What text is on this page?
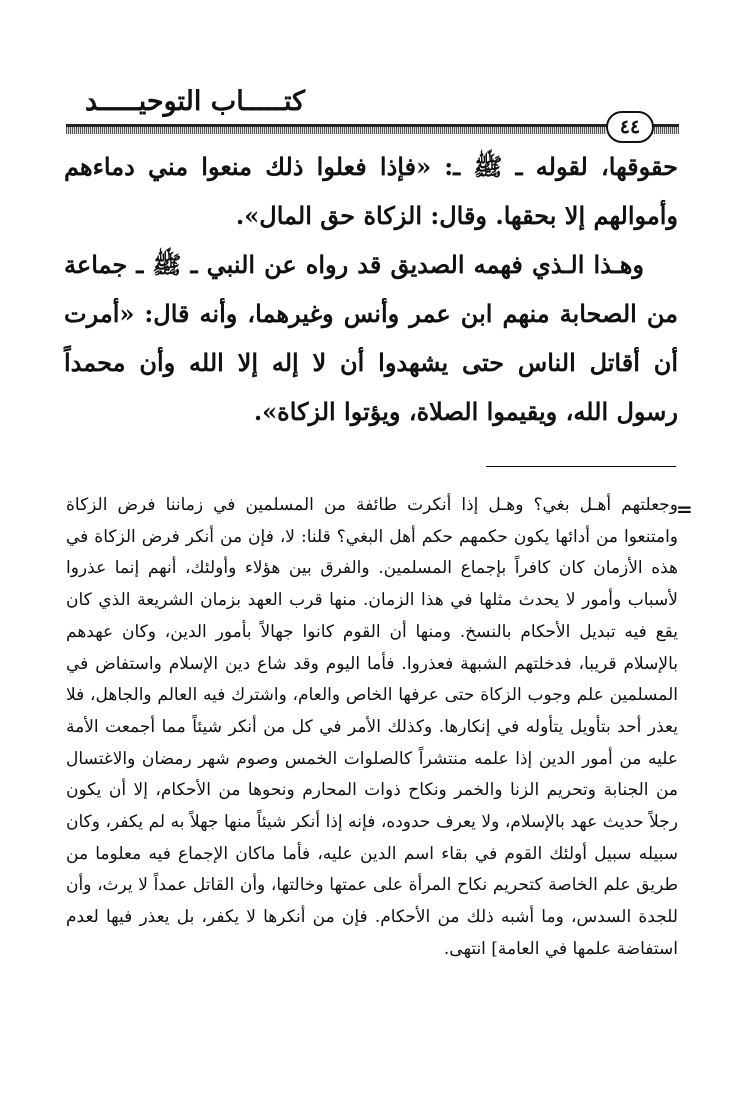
كتـــــاب التوحيـــــد
٤٤

حقوقها، لقوله ـ ﷺ ـ: «فإذا فعلوا ذلك منعوا مني دماءهم وأموالهم إلا بحقها. وقال: الزكاة حق المال».

وهـذا الـذي فهمه الصديق قد رواه عن النبي ـ ﷺ ـ جماعة من الصحابة منهم ابن عمر وأنس وغيرهما، وأنه قال: «أمرت أن أقاتل الناس حتى يشهدوا أن لا إله إلا الله وأن محمداً رسول الله، ويقيموا الصلاة، ويؤتوا الزكاة».

=

وجعلتهم أهـل بغي؟ وهـل إذا أنكرت طائفة من المسلمين في زماننا فرض الزكاة وامتنعوا من أدائها يكون حكمهم حكم أهل البغي؟ قلنا: لا، فإن من أنكر فرض الزكاة في هذه الأزمان كان كافراً بإجماع المسلمين. والفرق بين هؤلاء وأولئك، أنهم إنما عذروا لأسباب وأمور لا يحدث مثلها في هذا الزمان. منها قرب العهد بزمان الشريعة الذي كان يقع فيه تبديل الأحكام بالنسخ. ومنها أن القوم كانوا جهالاً بأمور الدين، وكان عهدهم بالإسلام قريبا، فدخلتهم الشبهة فعذروا. فأما اليوم وقد شاع دين الإسلام واستفاض في المسلمين علم وجوب الزكاة حتى عرفها الخاص والعام، واشترك فيه العالم والجاهل، فلا يعذر أحد بتأويل يتأوله في إنكارها. وكذلك الأمر في كل من أنكر شيئاً مما أجمعت الأمة عليه من أمور الدين إذا علمه منتشراً كالصلوات الخمس وصوم شهر رمضان والاغتسال من الجنابة وتحريم الزنا والخمر ونكاح ذوات المحارم ونحوها من الأحكام، إلا أن يكون رجلاً حديث عهد بالإسلام، ولا يعرف حدوده، فإنه إذا أنكر شيئاً منها جهلاً به لم يكفر، وكان سبيله سبيل أولئك القوم في بقاء اسم الدين عليه، فأما ماكان الإجماع فيه معلوما من طريق علم الخاصة كتحريم نكاح المرأة على عمتها وخالتها، وأن القاتل عمداً لا يرث، وأن للجدة السدس، وما أشبه ذلك من الأحكام. فإن من أنكرها لا يكفر، بل يعذر فيها لعدم استفاضة علمها في العامة] انتهى.
